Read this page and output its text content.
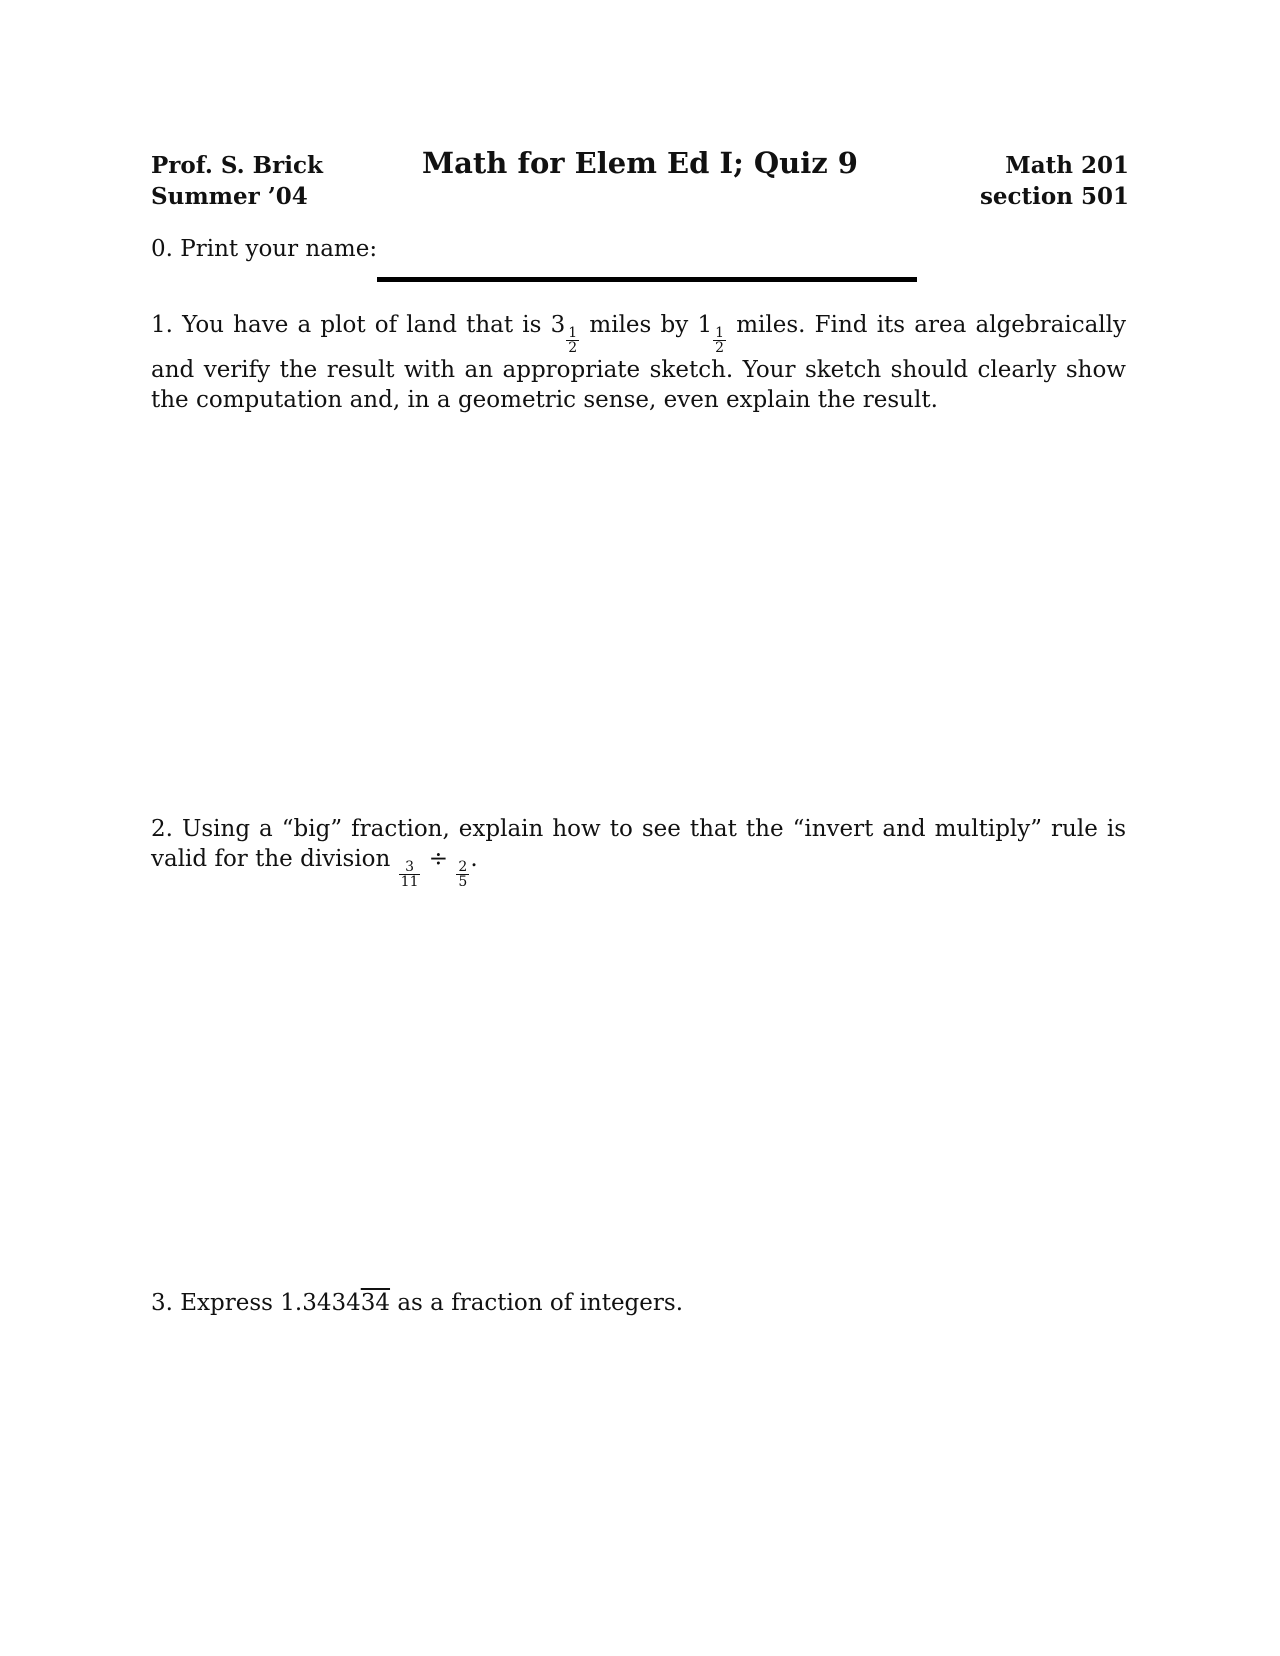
Prof. S. Brick
Summer ’04
Math for Elem Ed I; Quiz 9	Math 201
section 501
0. Print your name:
1. You have a plot of land that is 3
$\frac{1}{2}$
miles by 1
$\frac{1}{2}$
miles. Find its area algebraically and verify the result with an appropriate sketch. Your sketch should clearly show the computation and, in a geometric sense, even explain the result.
2. Using a “big” fraction, explain how to see that the “invert and multiply” rule is valid for the division
$\frac{3}{11}$
÷
$\frac{2}{5}$
.
3. Express 1.343434 as a fraction of integers.
